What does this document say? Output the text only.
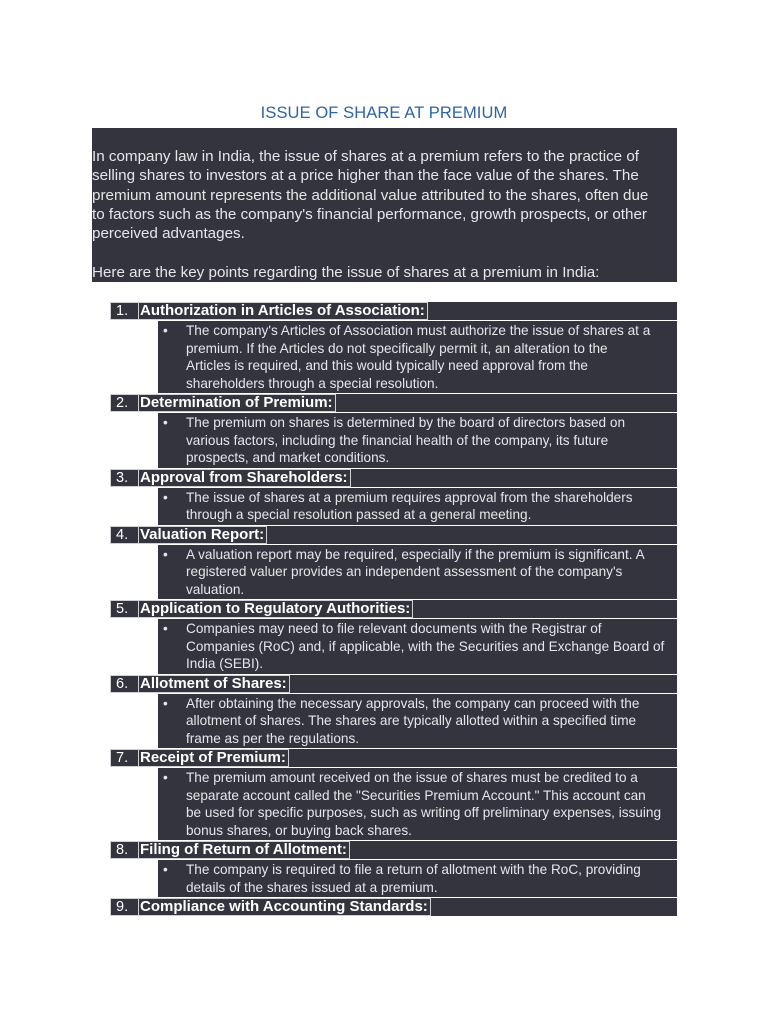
ISSUE OF SHARE AT PREMIUM
In company law in India, the issue of shares at a premium refers to the practice of
selling shares to investors at a price higher than the face value of the shares. The
premium amount represents the additional value attributed to the shares, often due
to factors such as the company's financial performance, growth prospects, or other
perceived advantages.
Here are the key points regarding the issue of shares at a premium in India:
1. Authorization in Articles of Association:
• The company's Articles of Association must authorize the issue of shares at a
premium. If the Articles do not specifically permit it, an alteration to the
Articles is required, and this would typically need approval from the
shareholders through a special resolution.
2. Determination of Premium:
• The premium on shares is determined by the board of directors based on
various factors, including the financial health of the company, its future
prospects, and market conditions.
3. Approval from Shareholders:
• The issue of shares at a premium requires approval from the shareholders
through a special resolution passed at a general meeting.
4. Valuation Report:
• A valuation report may be required, especially if the premium is significant. A
registered valuer provides an independent assessment of the company's
valuation.
5. Application to Regulatory Authorities:
• Companies may need to file relevant documents with the Registrar of
Companies (RoC) and, if applicable, with the Securities and Exchange Board of
India (SEBI).
6. Allotment of Shares:
• After obtaining the necessary approvals, the company can proceed with the
allotment of shares. The shares are typically allotted within a specified time
frame as per the regulations.
7. Receipt of Premium:
• The premium amount received on the issue of shares must be credited to a
separate account called the "Securities Premium Account." This account can
be used for specific purposes, such as writing off preliminary expenses, issuing
bonus shares, or buying back shares.
8. Filing of Return of Allotment:
• The company is required to file a return of allotment with the RoC, providing
details of the shares issued at a premium.
9. Compliance with Accounting Standards:
